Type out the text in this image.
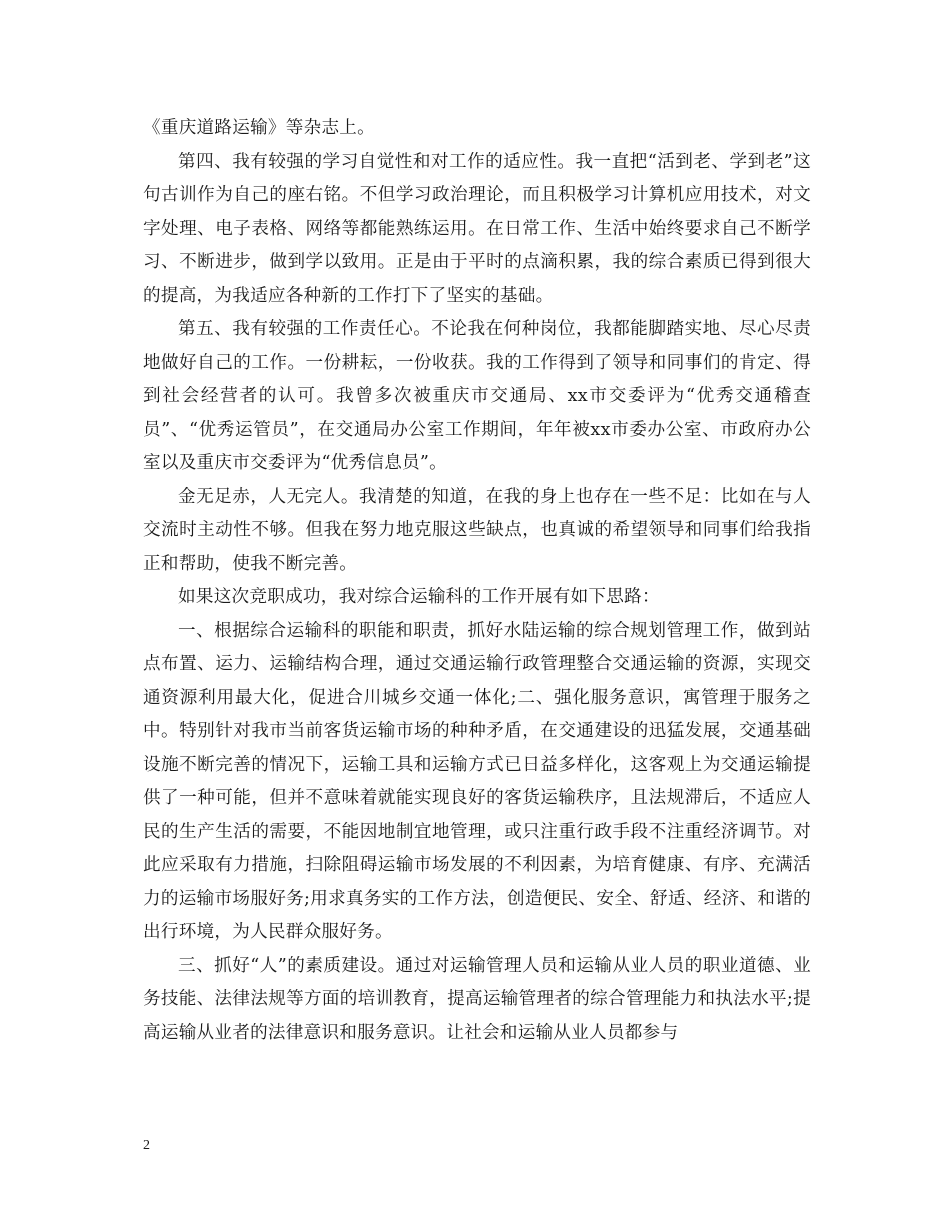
《重庆道路运输》等杂志上。

第四、我有较强的学习自觉性和对工作的适应性。我一直把“活到老、学到老”这句古训作为自己的座右铭。不但学习政治理论，而且积极学习计算机应用技术，对文字处理、电子表格、网络等都能熟练运用。在日常工作、生活中始终要求自己不断学习、不断进步，做到学以致用。正是由于平时的点滴积累，我的综合素质已得到很大的提高，为我适应各种新的工作打下了坚实的基础。

第五、我有较强的工作责任心。不论我在何种岗位，我都能脚踏实地、尽心尽责地做好自己的工作。一份耕耘，一份收获。我的工作得到了领导和同事们的肯定、得到社会经营者的认可。我曾多次被重庆市交通局、xx市交委评为“优秀交通稽查员”、“优秀运管员”，在交通局办公室工作期间，年年被xx市委办公室、市政府办公室以及重庆市交委评为“优秀信息员”。

金无足赤，人无完人。我清楚的知道，在我的身上也存在一些不足：比如在与人交流时主动性不够。但我在努力地克服这些缺点，也真诚的希望领导和同事们给我指正和帮助，使我不断完善。

如果这次竞职成功，我对综合运输科的工作开展有如下思路：

一、根据综合运输科的职能和职责，抓好水陆运输的综合规划管理工作，做到站点布置、运力、运输结构合理，通过交通运输行政管理整合交通运输的资源，实现交通资源利用最大化，促进合川城乡交通一体化;二、强化服务意识，寓管理于服务之中。特别针对我市当前客货运输市场的种种矛盾，在交通建设的迅猛发展，交通基础设施不断完善的情况下，运输工具和运输方式已日益多样化，这客观上为交通运输提供了一种可能，但并不意味着就能实现良好的客货运输秩序，且法规滞后，不适应人民的生产生活的需要，不能因地制宜地管理，或只注重行政手段不注重经济调节。对此应采取有力措施，扫除阻碍运输市场发展的不利因素，为培育健康、有序、充满活力的运输市场服好务;用求真务实的工作方法，创造便民、安全、舒适、经济、和谐的出行环境，为人民群众服好务。

三、抓好“人”的素质建设。通过对运输管理人员和运输从业人员的职业道德、业务技能、法律法规等方面的培训教育，提高运输管理者的综合管理能力和执法水平;提高运输从业者的法律意识和服务意识。让社会和运输从业人员都参与

2
